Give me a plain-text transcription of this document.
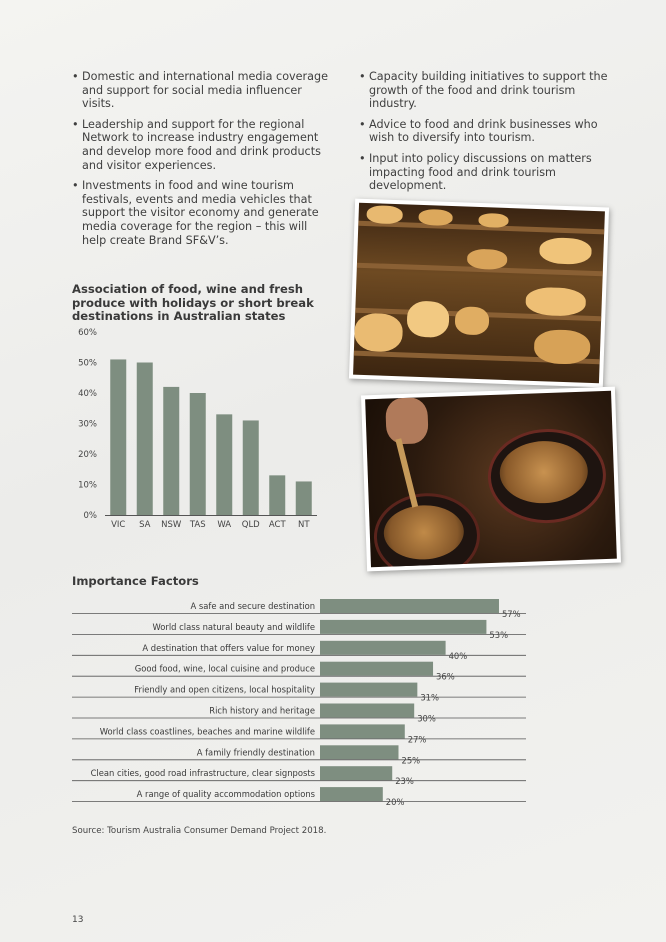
• Domestic and international media coverage and support for social media influencer visits.
• Leadership and support for the regional Network to increase industry engagement and develop more food and drink products and visitor experiences.
• Investments in food and wine tourism festivals, events and media vehicles that support the visitor economy and generate media coverage for the region – this will help create Brand SF&V’s.
• Capacity building initiatives to support the growth of the food and drink tourism industry.
• Advice to food and drink businesses who wish to diversify into tourism.
• Input into policy discussions on matters impacting food and drink tourism development.
Association of food, wine and fresh produce with holidays or short break destinations in Australian states
0%
10%
20%
30%
40%
50%
60%
VIC SA NSW TAS WA QLD ACT NT
Importance Factors
A safe and secure destination
57%
World class natural beauty and wildlife
53%
A destination that offers value for money
40%
Good food, wine, local cuisine and produce
36%
Friendly and open citizens, local hospitality
31%
Rich history and heritage
30%
World class coastlines, beaches and marine wildlife
27%
A family friendly destination
25%
Clean cities, good road infrastructure, clear signposts
23%
A range of quality accommodation options
20%
Source: Tourism Australia Consumer Demand Project 2018.
13
